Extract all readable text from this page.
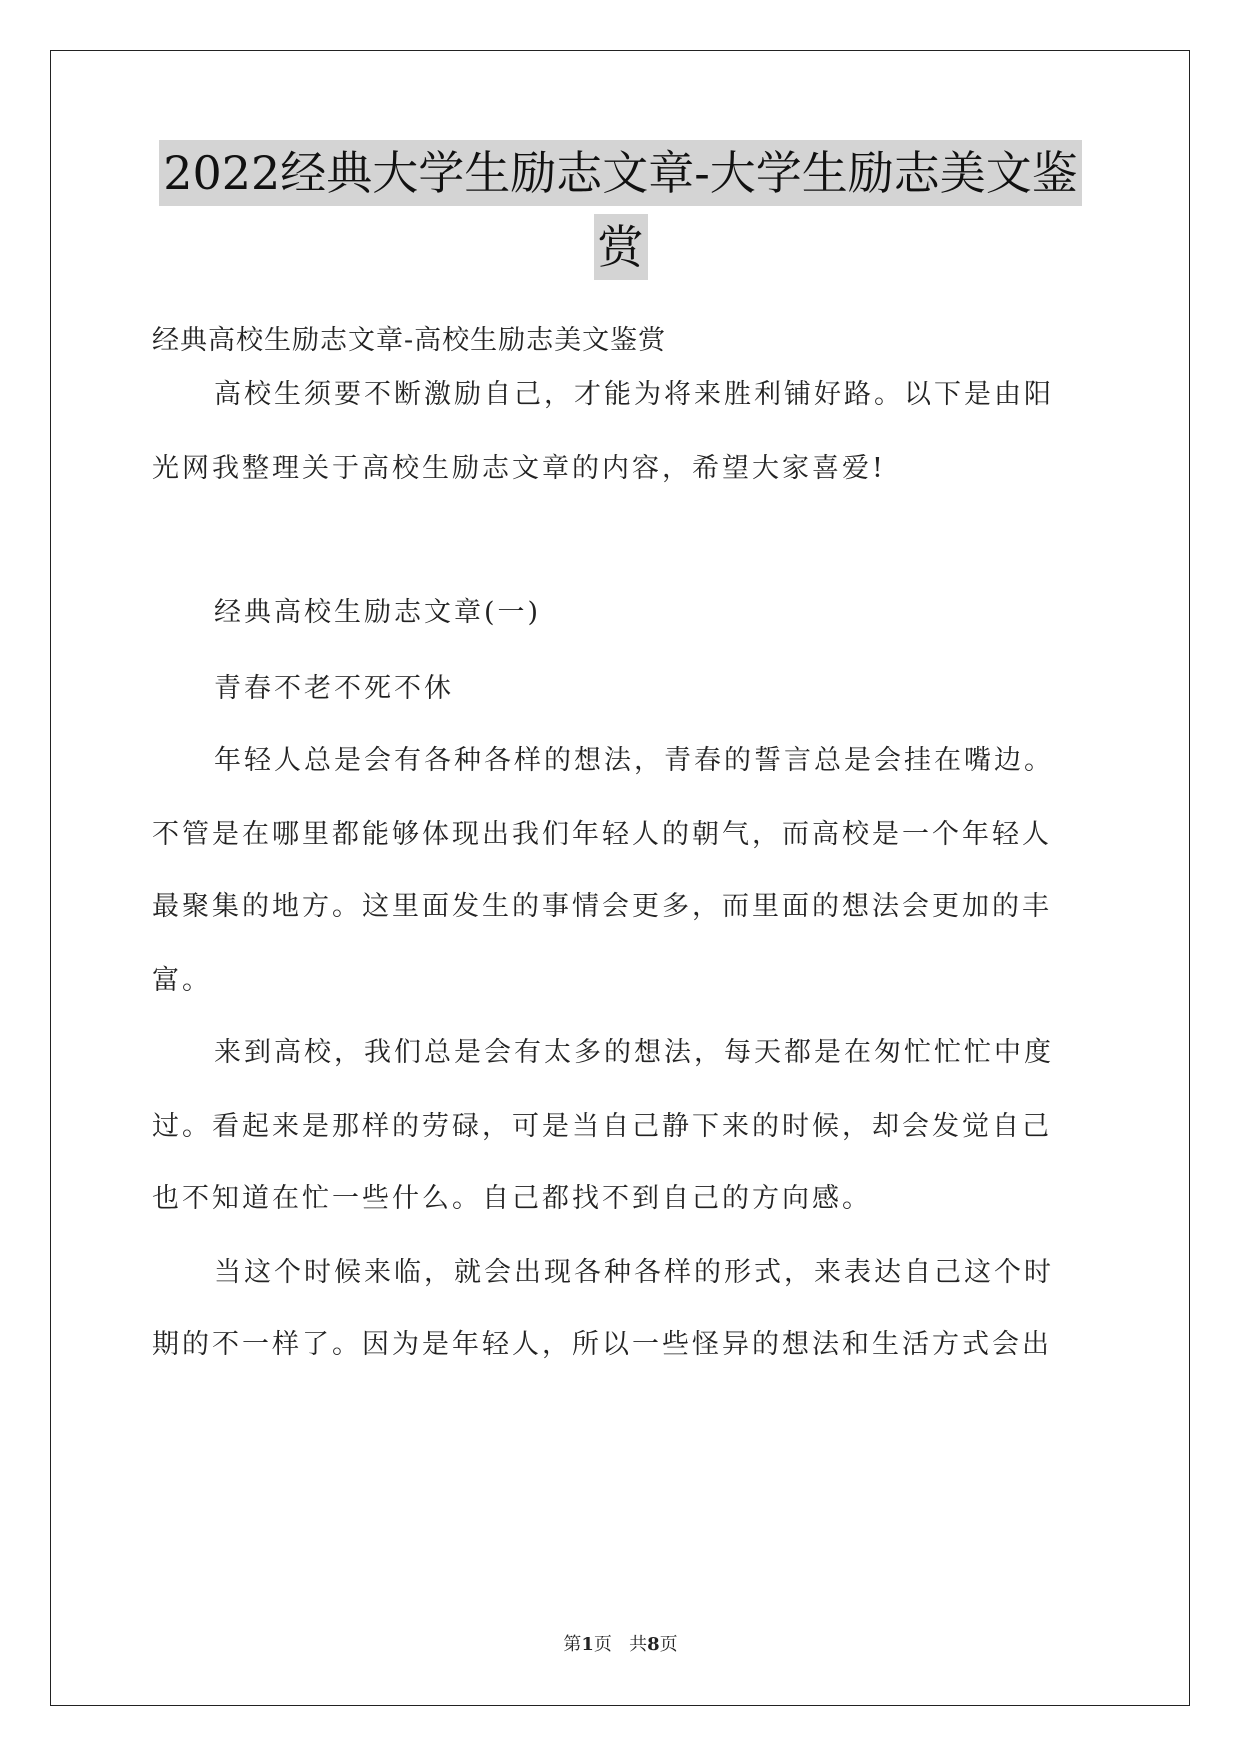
2022经典大学生励志文章-大学生励志美文鉴
赏
经典高校生励志文章-高校生励志美文鉴赏
高校生须要不断激励自己，才能为将来胜利铺好路。以下是由阳
光网我整理关于高校生励志文章的内容，希望大家喜爱!
经典高校生励志文章(一)
青春不老不死不休
年轻人总是会有各种各样的想法，青春的誓言总是会挂在嘴边。
不管是在哪里都能够体现出我们年轻人的朝气，而高校是一个年轻人
最聚集的地方。这里面发生的事情会更多，而里面的想法会更加的丰
富。
来到高校，我们总是会有太多的想法，每天都是在匆忙忙忙中度
过。看起来是那样的劳碌，可是当自己静下来的时候，却会发觉自己
也不知道在忙一些什么。自己都找不到自己的方向感。
当这个时候来临，就会出现各种各样的形式，来表达自己这个时
期的不一样了。因为是年轻人，所以一些怪异的想法和生活方式会出
第1页 共8页
